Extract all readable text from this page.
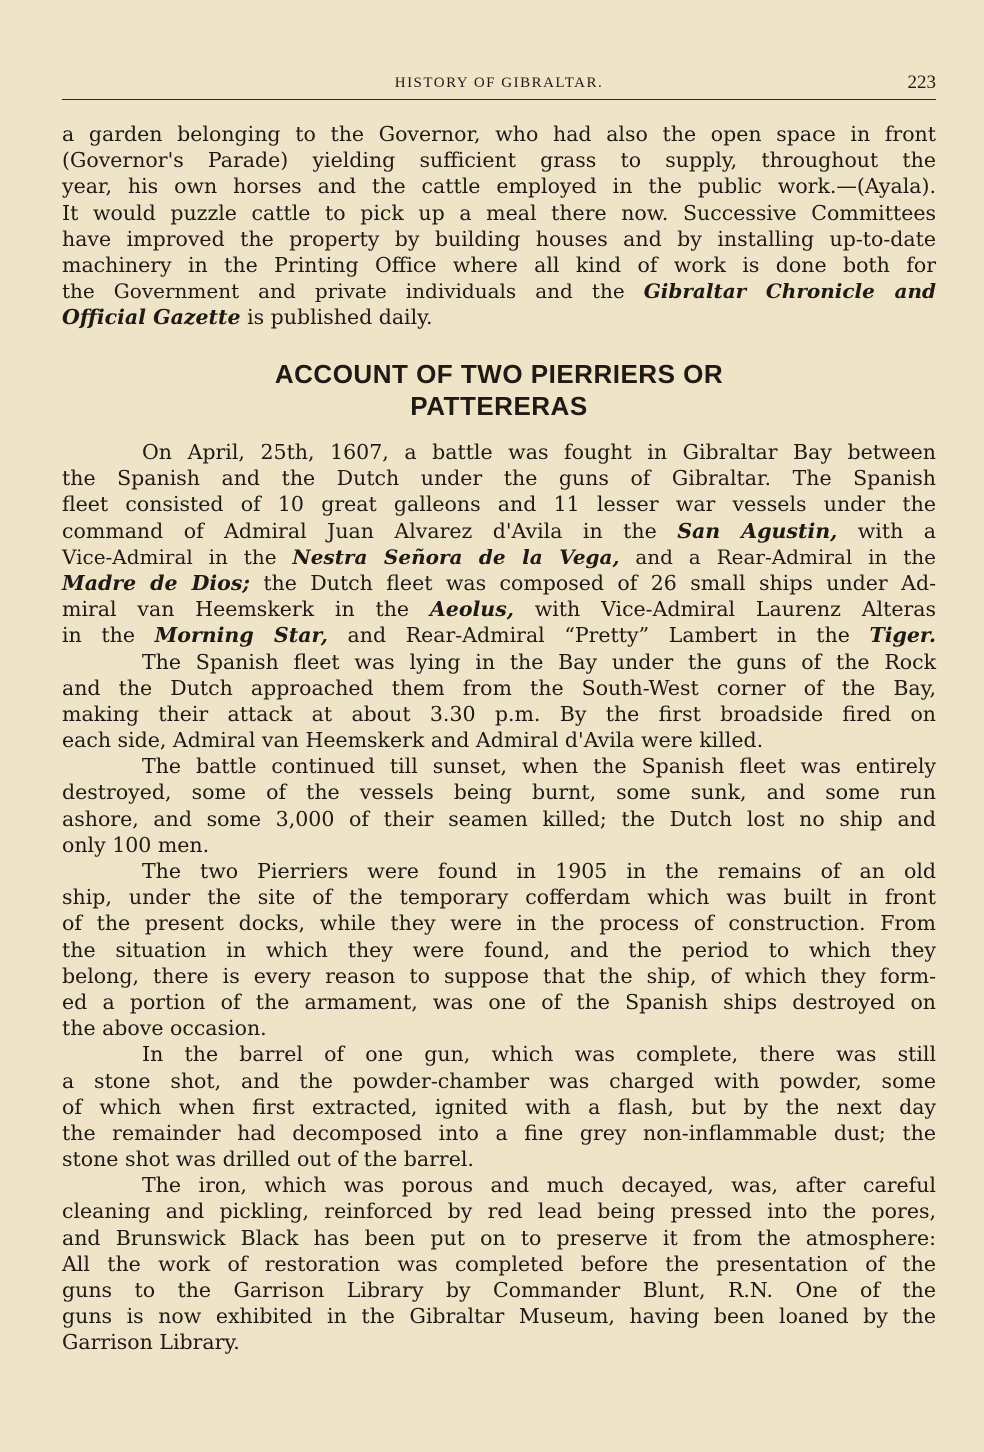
HISTORY OF GIBRALTAR.	223
a garden belonging to the Governor, who had also the open space in front
(Governor's Parade) yielding sufficient grass to supply, throughout the
year, his own horses and the cattle employed in the public work.—(Ayala).
It would puzzle cattle to pick up a meal there now. Successive Committees
have improved the property by building houses and by installing up-to-date
machinery in the Printing Office where all kind of work is done both for
the Government and private individuals and the Gibraltar Chronicle and
Official Gazette is published daily.
ACCOUNT OF TWO PIERRIERS OR
PATTERERAS
On April, 25th, 1607, a battle was fought in Gibraltar Bay between
the Spanish and the Dutch under the guns of Gibraltar. The Spanish
fleet consisted of 10 great galleons and 11 lesser war vessels under the
command of Admiral Juan Alvarez d'Avila in the San Agustin, with a
Vice-Admiral in the Nestra Señora de la Vega, and a Rear-Admiral in the
Madre de Dios; the Dutch fleet was composed of 26 small ships under Ad-
miral van Heemskerk in the Aeolus, with Vice-Admiral Laurenz Alteras
in the Morning Star, and Rear-Admiral “Pretty” Lambert in the Tiger.
The Spanish fleet was lying in the Bay under the guns of the Rock
and the Dutch approached them from the South-West corner of the Bay,
making their attack at about 3.30 p.m. By the first broadside fired on
each side, Admiral van Heemskerk and Admiral d'Avila were killed.
The battle continued till sunset, when the Spanish fleet was entirely
destroyed, some of the vessels being burnt, some sunk, and some run
ashore, and some 3,000 of their seamen killed; the Dutch lost no ship and
only 100 men.
The two Pierriers were found in 1905 in the remains of an old
ship, under the site of the temporary cofferdam which was built in front
of the present docks, while they were in the process of construction. From
the situation in which they were found, and the period to which they
belong, there is every reason to suppose that the ship, of which they form-
ed a portion of the armament, was one of the Spanish ships destroyed on
the above occasion.
In the barrel of one gun, which was complete, there was still
a stone shot, and the powder-chamber was charged with powder, some
of which when first extracted, ignited with a flash, but by the next day
the remainder had decomposed into a fine grey non-inflammable dust; the
stone shot was drilled out of the barrel.
The iron, which was porous and much decayed, was, after careful
cleaning and pickling, reinforced by red lead being pressed into the pores,
and Brunswick Black has been put on to preserve it from the atmosphere:
All the work of restoration was completed before the presentation of the
guns to the Garrison Library by Commander Blunt, R.N. One of the
guns is now exhibited in the Gibraltar Museum, having been loaned by the
Garrison Library.
